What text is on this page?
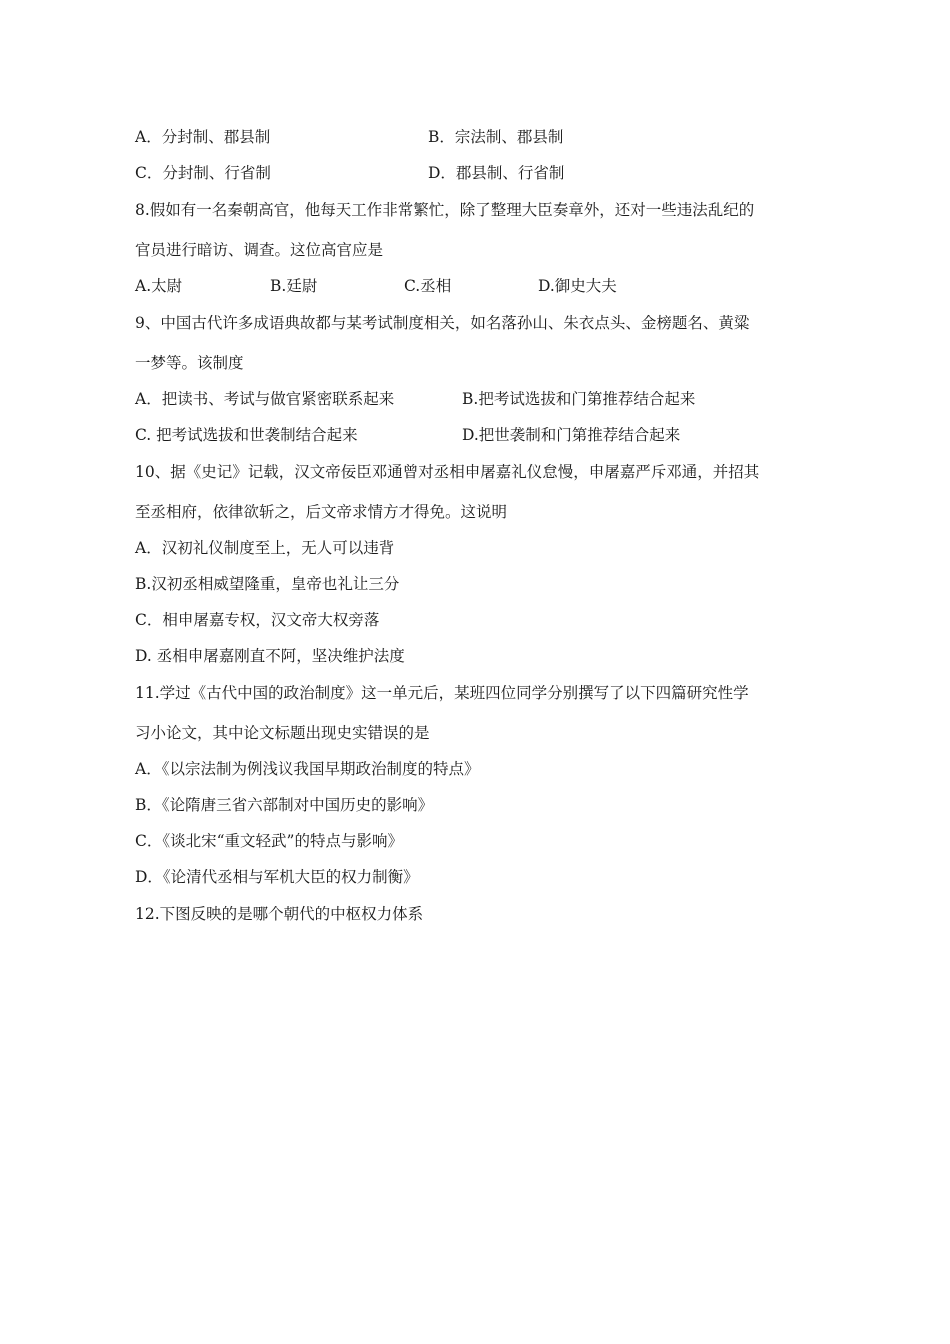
A．分封制、郡县制	B．宗法制、郡县制
C．分封制、行省制	D．郡县制、行省制
8.假如有一名秦朝高官，他每天工作非常繁忙，除了整理大臣奏章外，还对一些违法乱纪的
官员进行暗访、调查。这位高官应是
A.太尉	B.廷尉	C.丞相	D.御史大夫
9、中国古代许多成语典故都与某考试制度相关，如名落孙山、朱衣点头、金榜题名、黄粱
一梦等。该制度
A．把读书、考试与做官紧密联系起来	B.把考试选拔和门第推荐结合起来
C. 把考试选拔和世袭制结合起来	D.把世袭制和门第推荐结合起来
10、据《史记》记载，汉文帝佞臣邓通曾对丞相申屠嘉礼仪怠慢，申屠嘉严斥邓通，并招其
至丞相府，依律欲斩之，后文帝求情方才得免。这说明
A．汉初礼仪制度至上，无人可以违背
B.汉初丞相威望隆重，皇帝也礼让三分
C．相申屠嘉专权，汉文帝大权旁落
D. 丞相申屠嘉刚直不阿，坚决维护法度
11.学过《古代中国的政治制度》这一单元后，某班四位同学分别撰写了以下四篇研究性学
习小论文，其中论文标题出现史实错误的是
A．《以宗法制为例浅议我国早期政治制度的特点》
B．《论隋唐三省六部制对中国历史的影响》
C．《谈北宋“重文轻武”的特点与影响》
D．《论清代丞相与军机大臣的权力制衡》
12.下图反映的是哪个朝代的中枢权力体系
